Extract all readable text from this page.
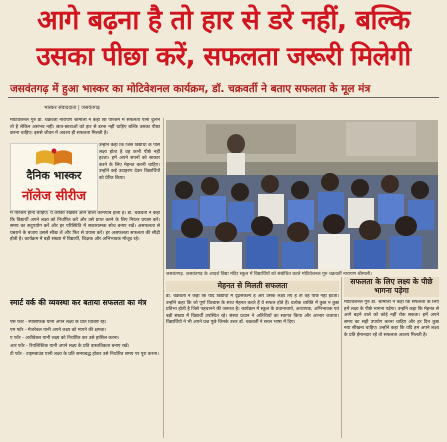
आगे बढ़ना है तो हार से डरे नहीं, बल्कि
उसका पीछा करें, सफलता जरूरी मिलेगी
जसवंतगढ़ में हुआ भास्कर का मोटिवेशनल कार्यक्रम, डॉ. चक्रवर्ती ने बताए सफलता के मूल मंत्र
भास्कर संवाददाता | जसवंतगढ़
मोटिवेशनल गुरु डॉ. चक्रवर्ती नारायण श्रीमाली ने कहा कि परिश्रम में सफलता पाना दुर्लभ तो है लेकिन असंभव नहीं। छात्र-छात्राओं को हार से डरना नहीं चाहिए बल्कि उसका पीछा करना चाहिए। इससे जीवन में अवश्य ही सफलता मिलती है।
दैनिक भास्कर
नॉलेज सीरीज
उन्होंने कहा कि जिस विद्यार्थी के पास लक्ष्य होता है वह कभी पीछे नहीं हटता। हमें अपने सपनों को साकार करने के लिए मेहनत करनी चाहिए। उन्होंने कई उदाहरण देकर विद्यार्थियों को प्रेरित किया।
में परिश्रम होना चाहिए। ये तरीका रखकर आने वाला कामयाब होता है। डॉ. चक्रवर्ती ने कहा कि विद्यार्थी अपने लक्ष्य को निर्धारित करें और उसे प्राप्त करने के लिए निरंतर प्रयास करें। समय का सदुपयोग करें और हर परिस्थिति में सकारात्मक सोच बनाए रखें। असफलता से घबराने के बजाय उससे सीख लें और फिर से प्रयास करें। हर असफलता सफलता की सीढ़ी होती है। कार्यक्रम में बड़ी संख्या में विद्यार्थी, शिक्षक और अभिभावक मौजूद रहे।
स्मार्ट वर्क की व्यवस्था कर बताया सफलता का मंत्र

एस फॉर - स्पेसिफिक यानी अपने लक्ष्य के प्रति विशिष्ट रहें।

एम फॉर - मेजरेबल यानी अपने लक्ष्य को मापने की क्षमता।

ए फॉर - अचीवेबल यानी लक्ष्य को निर्धारित कर उसे हासिल करना।

आर फॉर - रियलिस्टिक यानी अपने लक्ष्य के प्रति वास्तविकता बनाए रखें।

टी फॉर - टाइमबाउंड यानी लक्ष्य के प्रति समयबद्ध होकर उसे निर्धारित समय पर पूरा करना।

जसवंतगढ़. जसवंतगढ़ के आदर्श विद्या मंदिर स्कूल में विद्यार्थियों को संबोधित करते मोटिवेशनल गुरु चक्रवर्ती नारायण श्रीमाली।
मेहनत से मिलती सफलता
डॉ. चक्रवर्ती ने कहा कि यदि विद्यार्थी में दृढ़संकल्प है और उसके लक्ष्य तय हैं तो वह पीछे नहीं हटता। उन्होंने कहा कि जो पूर्ण विश्वास के साथ मेहनत करते हैं वे सफल होते हैं। प्रत्येक व्यक्ति में कुछ न कुछ प्रतिभा होती है जिसे पहचानने की जरूरत है। कार्यक्रम में स्कूल के प्रधानाचार्य, अध्यापक, अभिभावक एवं बड़ी संख्या में विद्यार्थी उपस्थित रहे। संस्था प्रधान ने अतिथियों का स्वागत किया और आभार जताया। विद्यार्थियों ने भी अपने प्रश्न पूछे जिनके उत्तर डॉ. चक्रवर्ती ने सरल भाषा में दिए।
सफलता के लिए लक्ष्य के पीछे भागना पड़ेगा
मोटिवेशनल गुरु डॉ. श्रीमाली ने कहा कि सफलता के लिए हमें लक्ष्य के पीछे भागना पड़ेगा। उन्होंने कहा कि मेहनत से आगे बढ़ने वाले को कोई नहीं रोक सकता। हमें अपने समय का सही उपयोग करना चाहिए और हर दिन कुछ नया सीखना चाहिए। उन्होंने कहा कि यदि हम अपने लक्ष्य के प्रति ईमानदार रहें तो सफलता अवश्य मिलती है।
